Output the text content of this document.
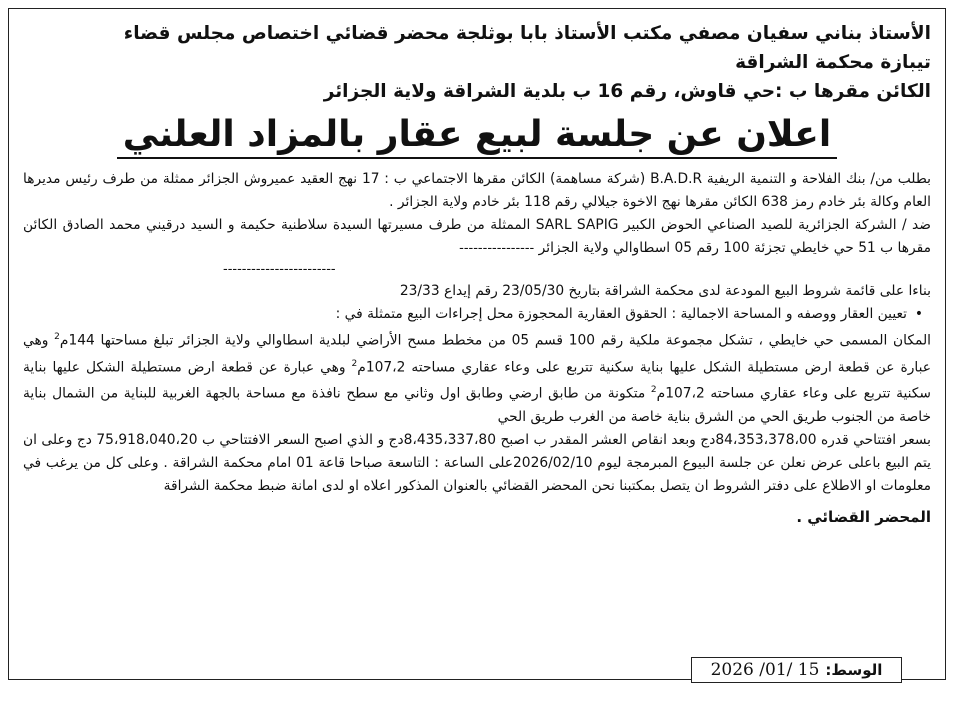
الأستاذ بناني سفيان مصفي مكتب الأستاذ بابا بوثلجة محضر قضائي اختصاص مجلس قضاء
تيبازة محكمة الشراقة
الكائن مقرها ب :حي قاوش، رقم 16 ب بلدية الشراقة ولاية الجزائر
اعلان عن جلسة لبيع عقار بالمزاد العلني
بطلب من/ بنك الفلاحة و التنمية الريفية B.A.D.R (شركة مساهمة) الكائن مقرها الاجتماعي ب : 17 نهج العقيد عميروش الجزائر ممثلة من طرف رئيس مديرها العام وكالة بئر خادم رمز 638 الكائن مقرها نهج الاخوة جيلالي رقم 118 بئر خادم ولاية الجزائر .
ضد / الشركة الجزائرية للصيد الصناعي الحوض الكبير SARL SAPIG الممثلة من طرف مسيرتها السيدة سلاطنية حكيمة و السيد درقيني محمد الصادق الكائن مقرها ب 51 حي خايطي تجزئة 100 رقم 05 اسطاوالي ولاية الجزائر ----------------
------------------------
بناءا على قائمة شروط البيع المودعة لدى محكمة الشراقة بتاريخ 23/05/30 رقم إيداع 23/33
• تعيين العقار ووصفه و المساحة الاجمالية : الحقوق العقارية المحجوزة محل إجراءات البيع متمثلة في :
المكان المسمى حي خايطي ، تشكل مجموعة ملكية رقم 100 قسم 05 من مخطط مسح الأراضي لبلدية اسطاوالي ولاية الجزائر تبلغ مساحتها 144م$^2$ وهي عبارة عن قطعة ارض مستطيلة الشكل عليها بناية سكنية تتربع على وعاء عقاري مساحته 107،2م$^2$ وهي عبارة عن قطعة ارض مستطيلة الشكل عليها بناية سكنية تتربع على وعاء عقاري مساحته 107،2م$^2$ متكونة من طابق ارضي وطابق اول وثاني مع سطح نافذة مع مساحة بالجهة الغربية للبناية من الشمال بناية خاصة من الجنوب طريق الحي من الشرق بناية خاصة من الغرب طريق الحي
بسعر افتتاحي قدره 84،353،378،00دج وبعد انقاص العشر المقدر ب اصبح 8،435،337،80دج و الذي اصبح السعر الافتتاحي ب 75،918،040،20 دج وعلى ان يتم البيع باعلى عرض نعلن عن جلسة البيوع المبرمجة ليوم 2026/02/10على الساعة : التاسعة صباحا قاعة 01 امام محكمة الشراقة . وعلى كل من يرغب في معلومات او الاطلاع على دفتر الشروط ان يتصل بمكتبنا نحن المحضر القضائي بالعنوان المذكور اعلاه او لدى امانة ضبط محكمة الشراقة
المحضر القضائي .
الوسط:
15 /01/ 2026
